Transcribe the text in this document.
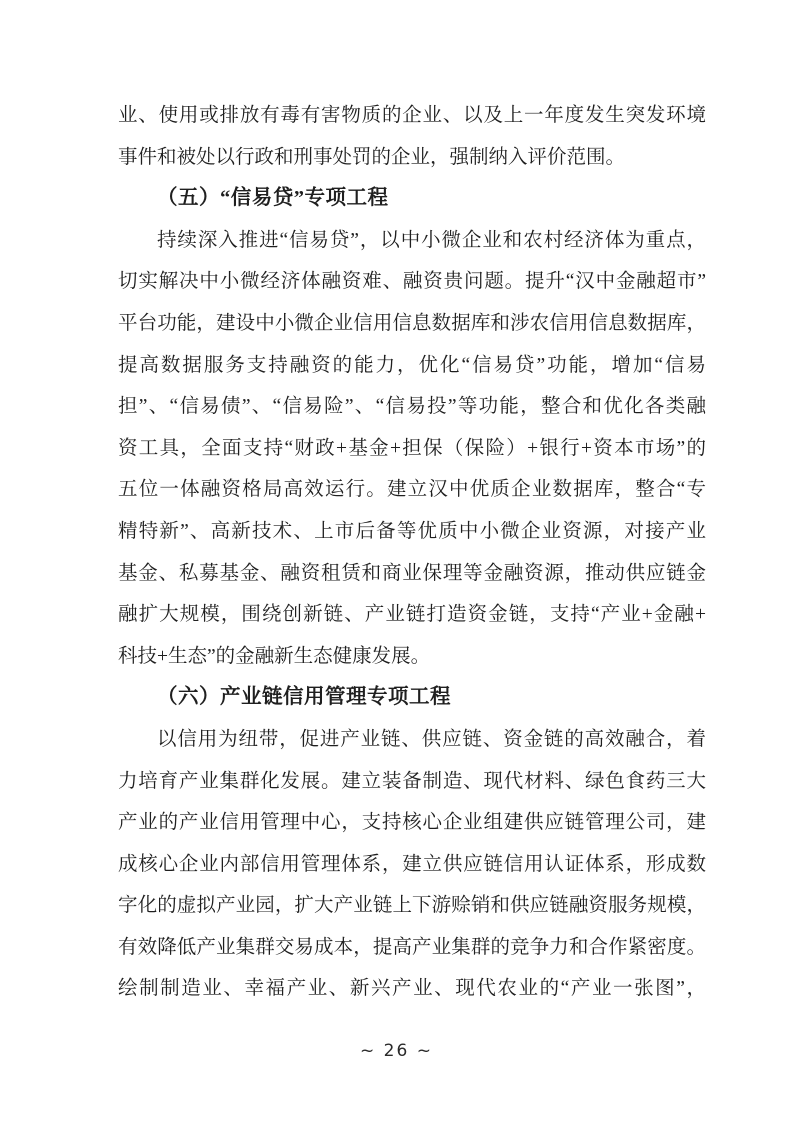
业、使用或排放有毒有害物质的企业、以及上一年度发生突发环境
事件和被处以行政和刑事处罚的企业，强制纳入评价范围。
（五）“信易贷”专项工程
持续深入推进“信易贷”，以中小微企业和农村经济体为重点，
切实解决中小微经济体融资难、融资贵问题。提升“汉中金融超市”
平台功能，建设中小微企业信用信息数据库和涉农信用信息数据库，
提高数据服务支持融资的能力，优化“信易贷”功能，增加“信易
担”、“信易债”、“信易险”、“信易投”等功能，整合和优化各类融
资工具，全面支持“财政+基金+担保（保险）+银行+资本市场”的
五位一体融资格局高效运行。建立汉中优质企业数据库，整合“专
精特新”、高新技术、上市后备等优质中小微企业资源，对接产业
基金、私募基金、融资租赁和商业保理等金融资源，推动供应链金
融扩大规模，围绕创新链、产业链打造资金链，支持“产业+金融+
科技+生态”的金融新生态健康发展。
（六）产业链信用管理专项工程
以信用为纽带，促进产业链、供应链、资金链的高效融合，着
力培育产业集群化发展。建立装备制造、现代材料、绿色食药三大
产业的产业信用管理中心，支持核心企业组建供应链管理公司，建
成核心企业内部信用管理体系，建立供应链信用认证体系，形成数
字化的虚拟产业园，扩大产业链上下游赊销和供应链融资服务规模，
有效降低产业集群交易成本，提高产业集群的竞争力和合作紧密度。
绘制制造业、幸福产业、新兴产业、现代农业的“产业一张图”，
~ 26 ~
